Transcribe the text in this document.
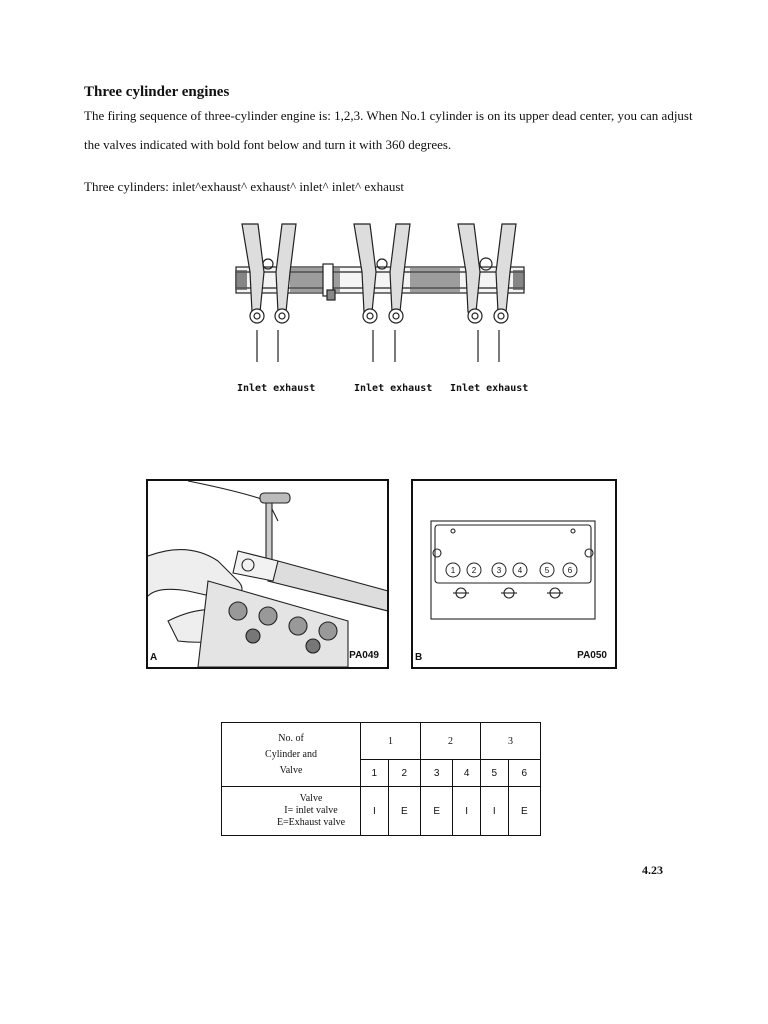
Three cylinder engines
The firing sequence of three-cylinder engine is: 1,2,3. When No.1 cylinder is on its upper dead center, you can adjust
the valves indicated with bold font below and turn it with 360 degrees.
Three cylinders: inlet^exhaust^ exhaust^ inlet^ inlet^ exhaust
Inlet exhaust	Inlet exhaust Inlet exhaust
A	PA049
1 2	3 4	5 6
B	PA050
No. of
Cylinder and
Valve	1		2		3	
	1	2	3	4	5	6

Valve
I= inlet valve
E=Exhaust valve	I	E	E	I	I	E
4.23
